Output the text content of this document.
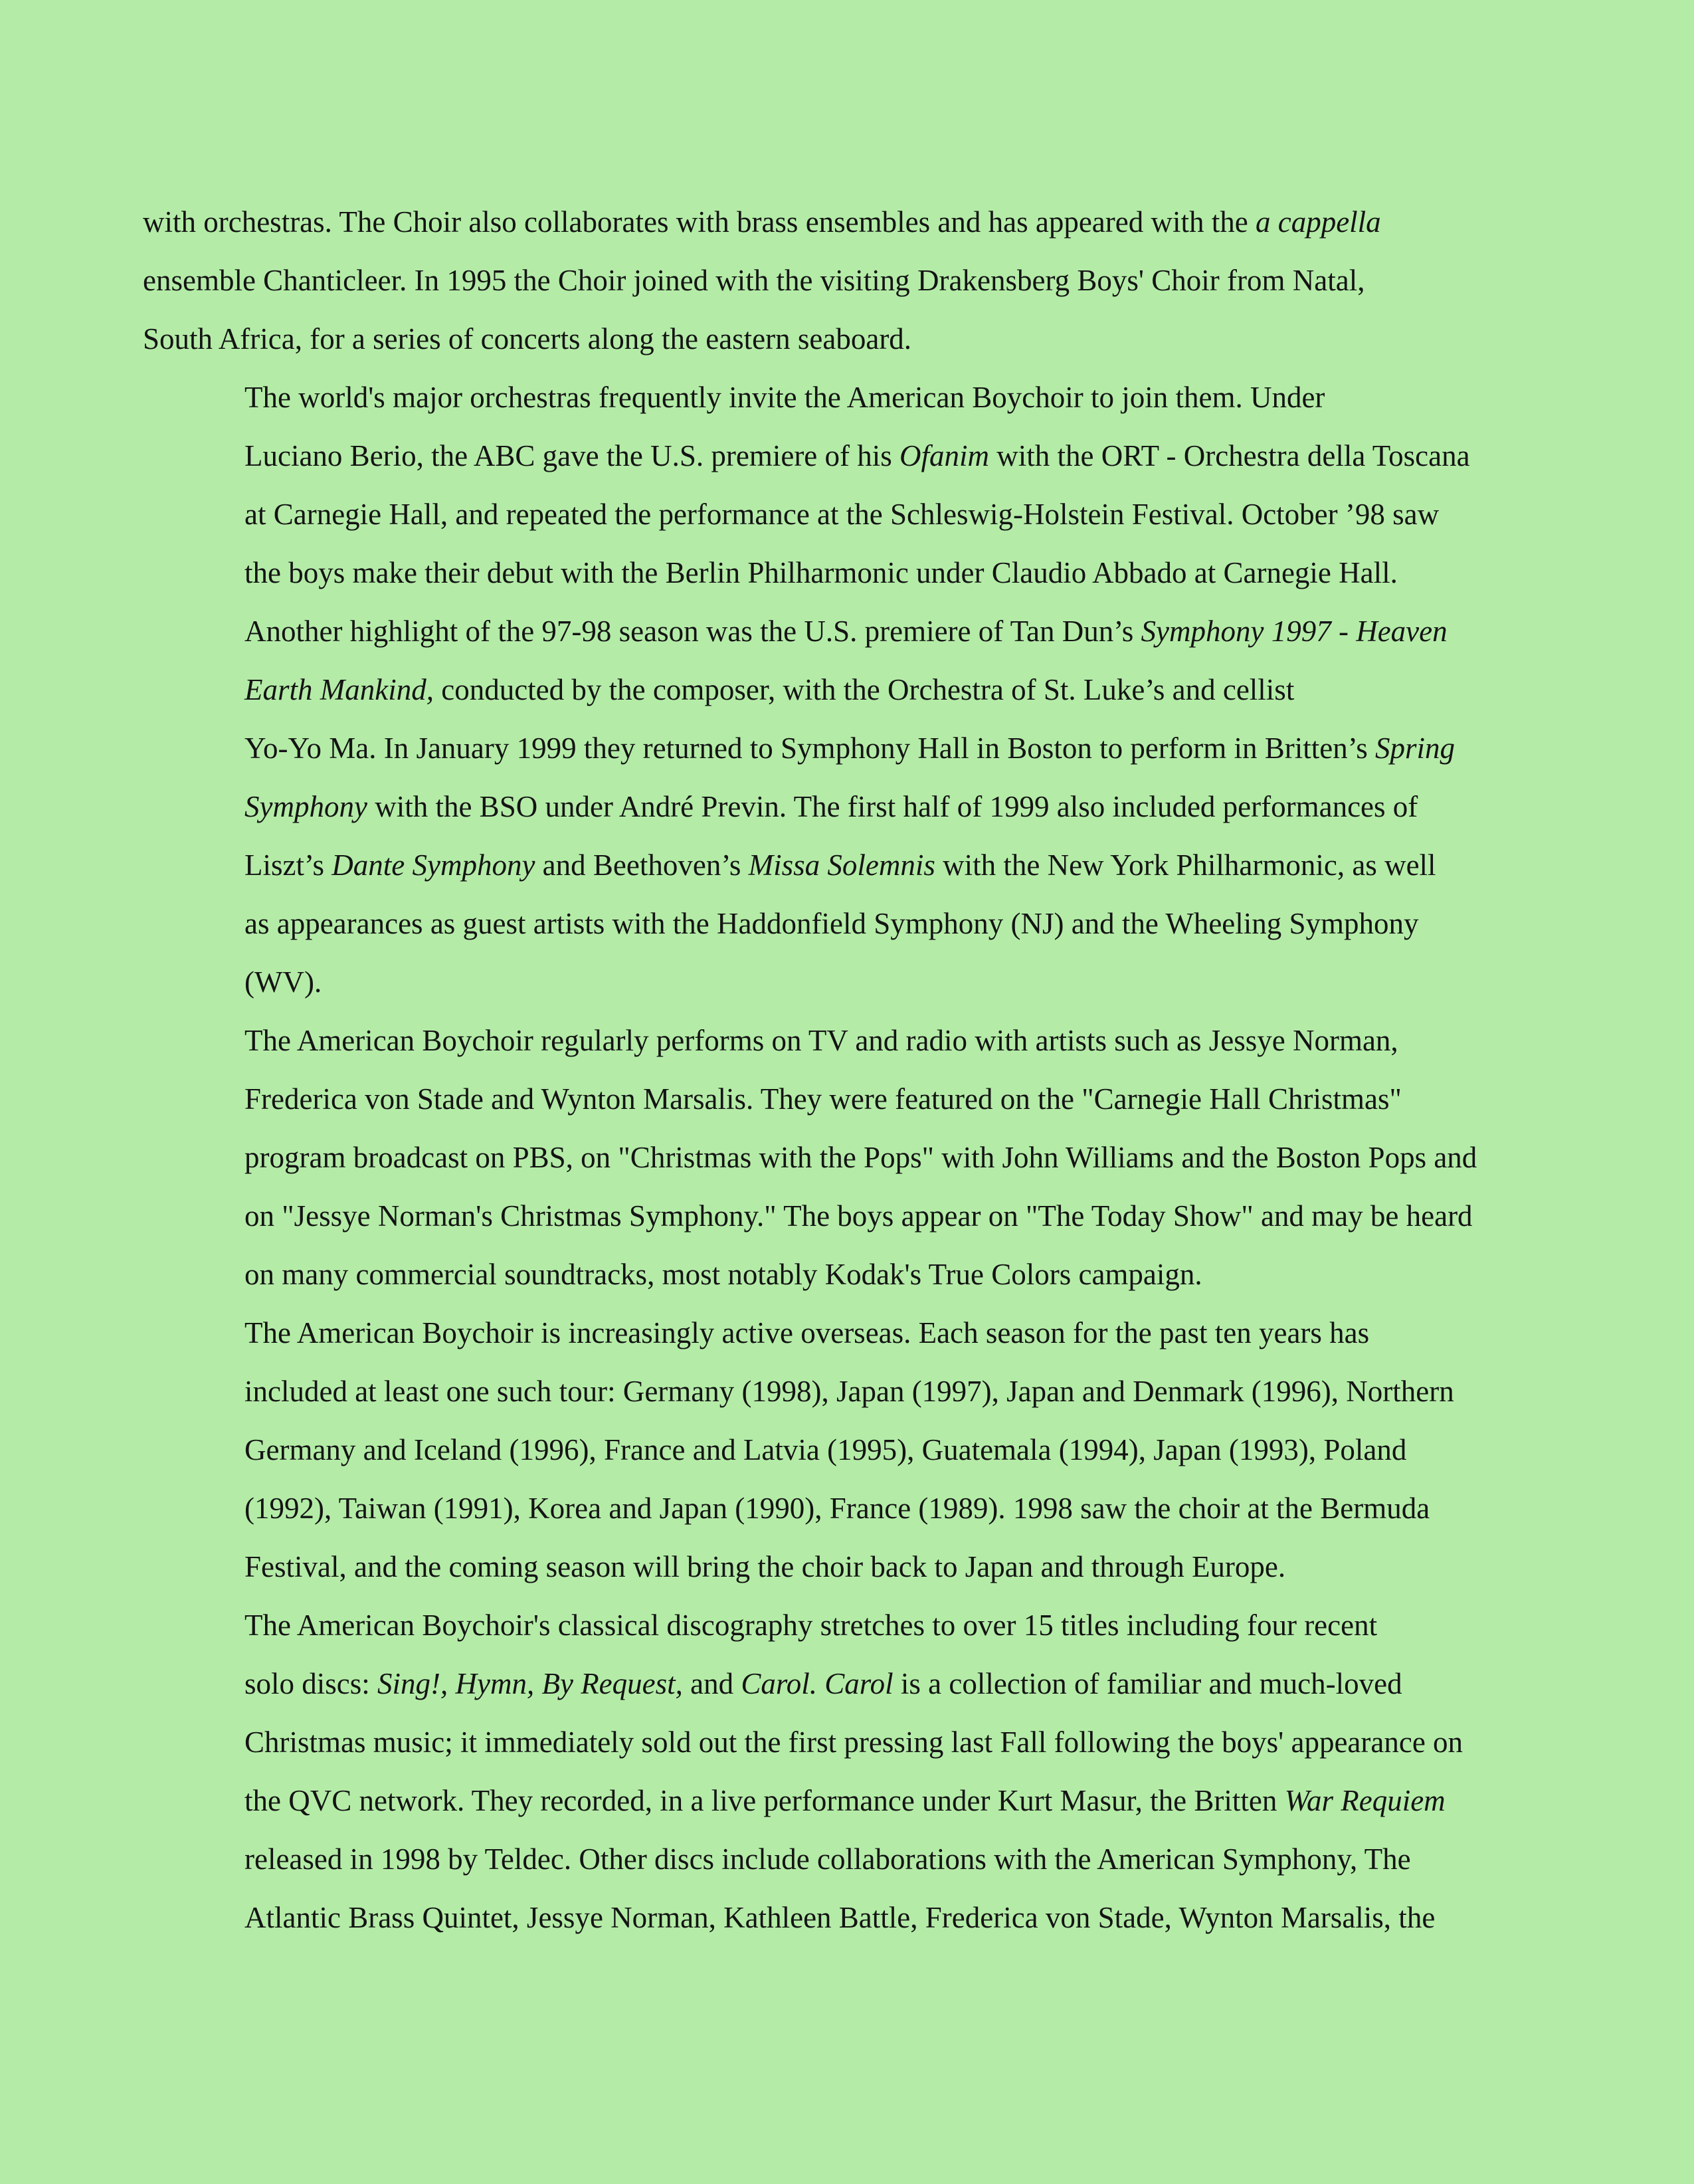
with orchestras. The Choir also collaborates with brass ensembles and has appeared with the a cappella
ensemble Chanticleer. In 1995 the Choir joined with the visiting Drakensberg Boys' Choir from Natal,
South Africa, for a series of concerts along the eastern seaboard.

The world's major orchestras frequently invite the American Boychoir to join them. Under
Luciano Berio, the ABC gave the U.S. premiere of his Ofanim with the ORT - Orchestra della Toscana
at Carnegie Hall, and repeated the performance at the Schleswig-Holstein Festival. October ’98 saw
the boys make their debut with the Berlin Philharmonic under Claudio Abbado at Carnegie Hall.
Another highlight of the 97-98 season was the U.S. premiere of Tan Dun’s Symphony 1997 - Heaven
Earth Mankind, conducted by the composer, with the Orchestra of St. Luke’s and cellist
Yo-Yo Ma. In January 1999 they returned to Symphony Hall in Boston to perform in Britten’s Spring
Symphony with the BSO under André Previn. The first half of 1999 also included performances of
Liszt’s Dante Symphony and Beethoven’s Missa Solemnis with the New York Philharmonic, as well
as appearances as guest artists with the Haddonfield Symphony (NJ) and the Wheeling Symphony
(WV).

The American Boychoir regularly performs on TV and radio with artists such as Jessye Norman,
Frederica von Stade and Wynton Marsalis. They were featured on the "Carnegie Hall Christmas"
program broadcast on PBS, on "Christmas with the Pops" with John Williams and the Boston Pops and
on "Jessye Norman's Christmas Symphony." The boys appear on "The Today Show" and may be heard
on many commercial soundtracks, most notably Kodak's True Colors campaign.

The American Boychoir is increasingly active overseas. Each season for the past ten years has
included at least one such tour: Germany (1998), Japan (1997), Japan and Denmark (1996), Northern
Germany and Iceland (1996), France and Latvia (1995), Guatemala (1994), Japan (1993), Poland
(1992), Taiwan (1991), Korea and Japan (1990), France (1989). 1998 saw the choir at the Bermuda
Festival, and the coming season will bring the choir back to Japan and through Europe.

The American Boychoir's classical discography stretches to over 15 titles including four recent
solo discs: Sing!, Hymn, By Request, and Carol. Carol is a collection of familiar and much-loved
Christmas music; it immediately sold out the first pressing last Fall following the boys' appearance on
the QVC network. They recorded, in a live performance under Kurt Masur, the Britten War Requiem
released in 1998 by Teldec. Other discs include collaborations with the American Symphony, The
Atlantic Brass Quintet, Jessye Norman, Kathleen Battle, Frederica von Stade, Wynton Marsalis, the
